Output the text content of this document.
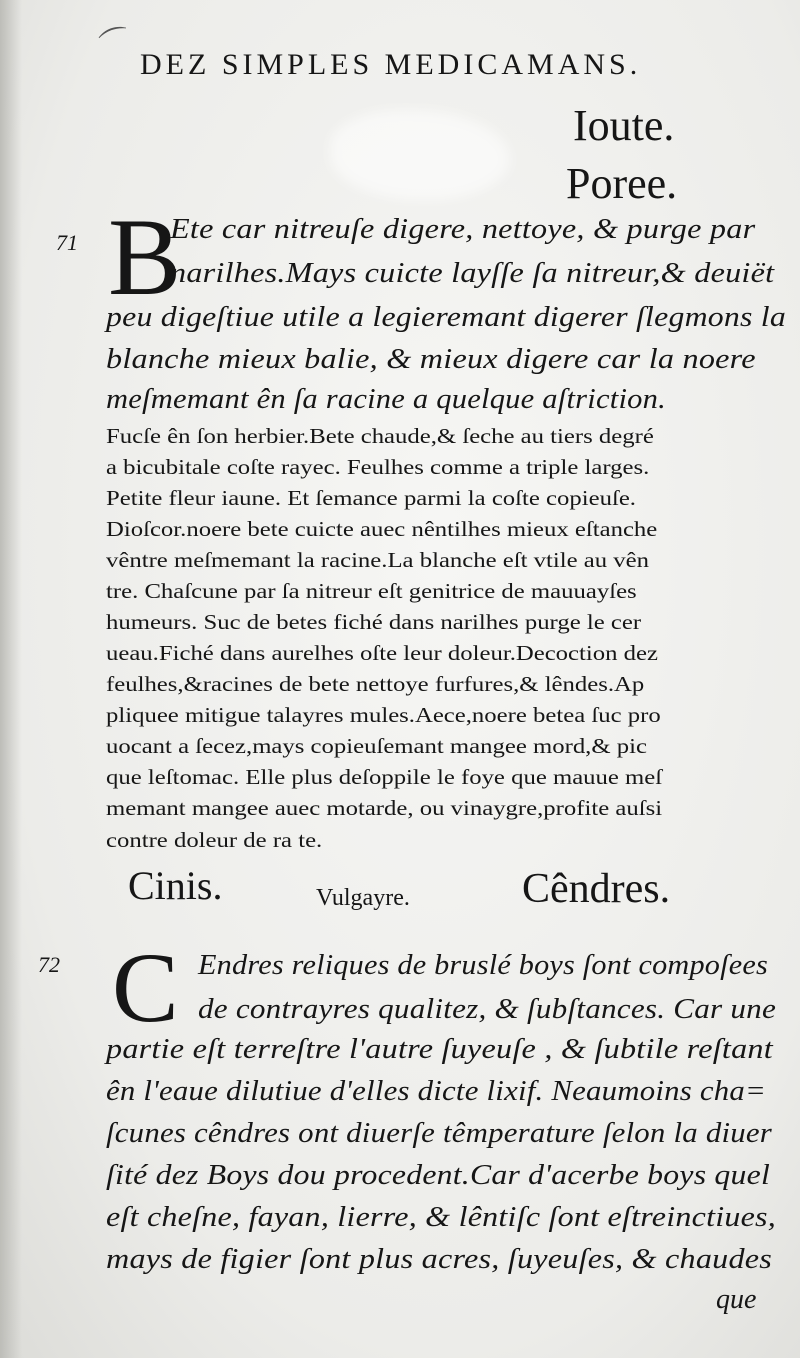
⌒ DEZ SIMPLES MEDICAMANS.
Ioute.
Poree.
71 B
Ete car nitreuſe digere, nettoye, & purge par
narilhes.Mays cuicte layſſe ſa nitreur,& deuiët
peu digeſtiue utile a legieremant digerer ſlegmons la
blanche mieux balie, & mieux digere car la noere
meſmemant ên ſa racine a quelque aſtriction.
Fucſe ên ſon herbier.Bete chaude,& ſeche au tiers degré
a bicubitale coſte rayec. Feulhes comme a triple larges.
Petite fleur iaune. Et ſemance parmi la coſte copieuſe.
Dioſcor.noere bete cuicte auec nêntilhes mieux eſtanche
vêntre meſmemant la racine.La blanche eſt vtile au vên
tre. Chaſcune par ſa nitreur eſt genitrice de mauuayſes
humeurs. Suc de betes fiché dans narilhes purge le cer
ueau.Fiché dans aurelhes oſte leur doleur.Decoction dez
feulhes,&racines de bete nettoye furfures,& lêndes.Ap
pliquee mitigue talayres mules.Aece,noere betea ſuc pro
uocant a ſecez,mays copieuſemant mangee mord,& pic
que leſtomac. Elle plus deſoppile le foye que mauue meſ
memant mangee auec motarde, ou vinaygre,profite auſsi
contre doleur de ra te.
Cinis.	Vulgayre.	Cêndres.
72 C Endres reliques de bruslé boys ſont compoſees
de contrayres qualitez, & ſubſtances. Car une
partie eſt terreſtre l'autre ſuyeuſe , & ſubtile reſtant
ên l'eaue dilutiue d'elles dicte lixif. Neaumoins cha=
ſcunes cêndres ont diuerſe têmperature ſelon la diuer
ſité dez Boys dou procedent.Car d'acerbe boys quel
eſt cheſne, fayan, lierre, & lêntiſc ſont eſtreinctiues,
mays de figier ſont plus acres, ſuyeuſes, & chaudes
que
